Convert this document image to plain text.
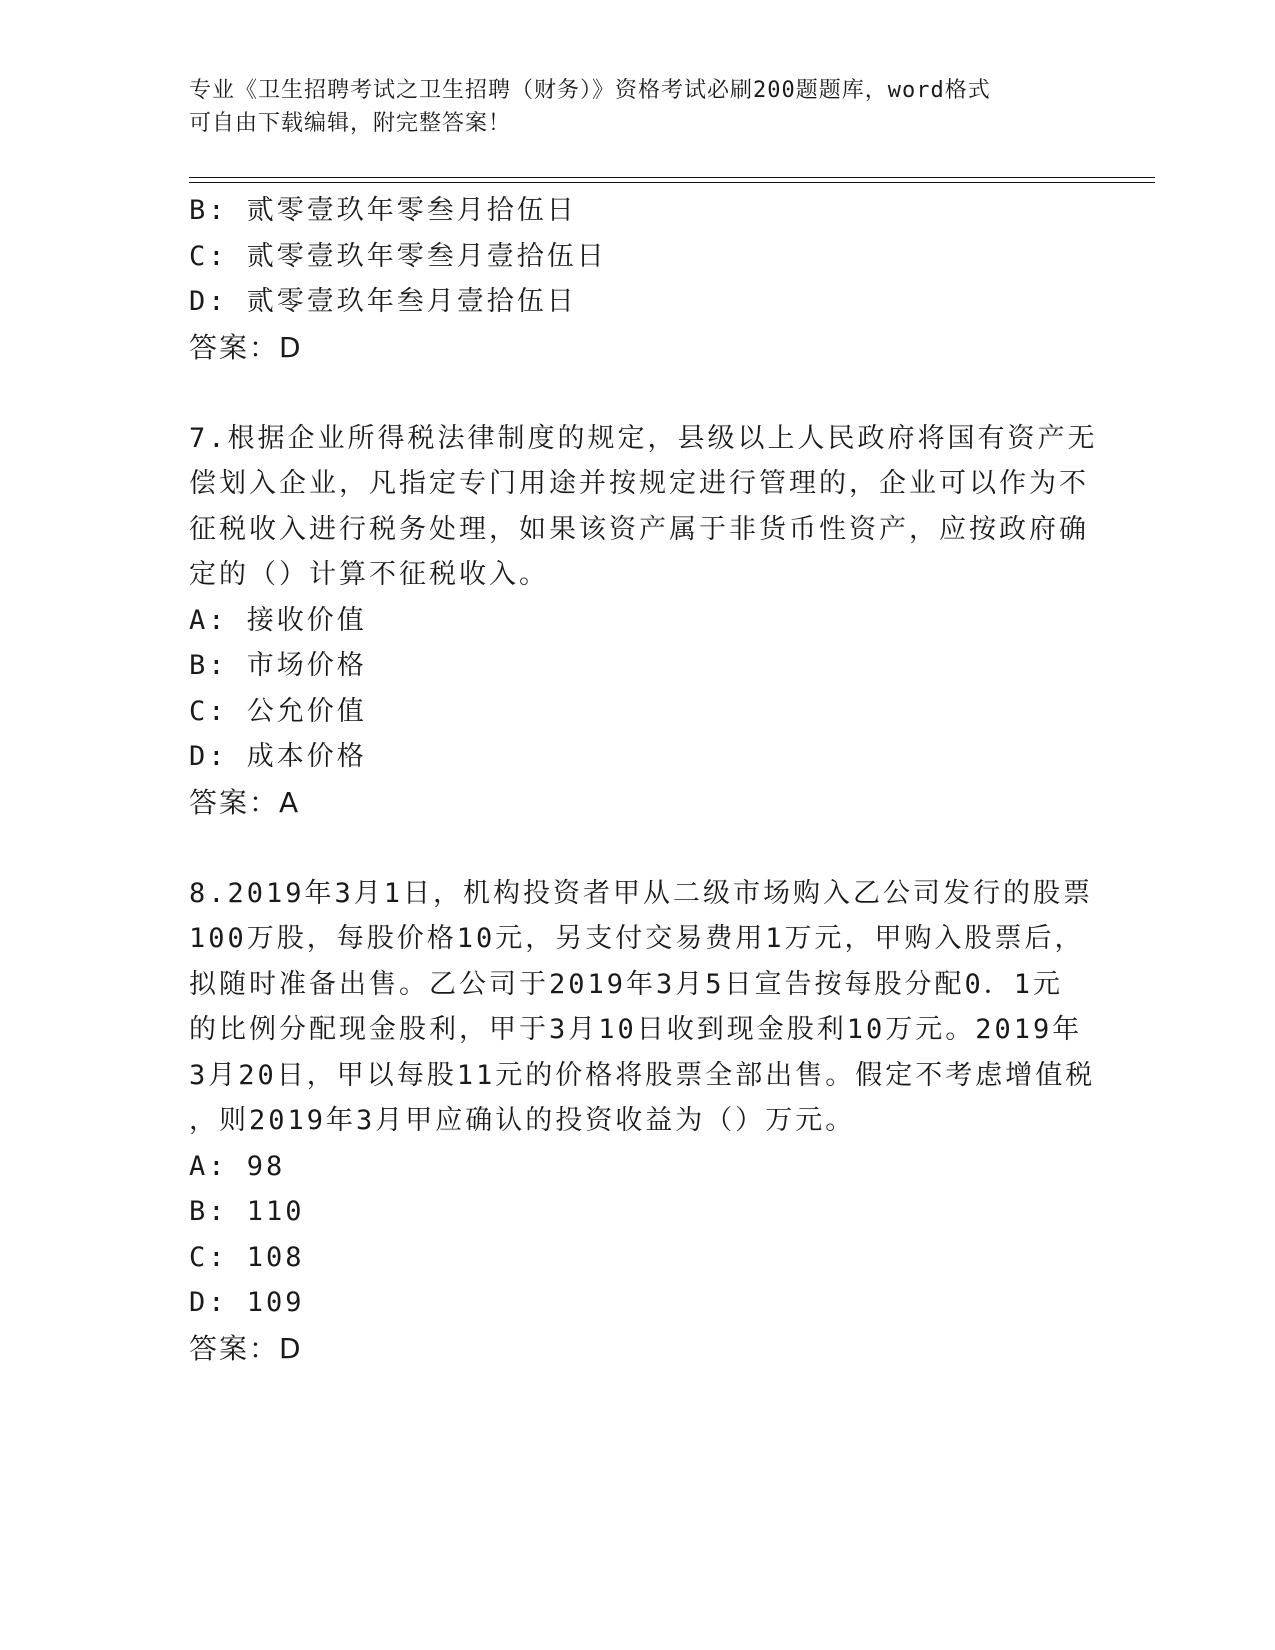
专业《卫生招聘考试之卫生招聘（财务）》资格考试必刷200题题库，word格式
可自由下载编辑，附完整答案！
B: 贰零壹玖年零叁月拾伍日
C: 贰零壹玖年零叁月壹拾伍日
D: 贰零壹玖年叁月壹拾伍日
答案：D
7.根据企业所得税法律制度的规定，县级以上人民政府将国有资产无
偿划入企业，凡指定专门用途并按规定进行管理的，企业可以作为不
征税收入进行税务处理，如果该资产属于非货币性资产，应按政府确
定的（）计算不征税收入。
A: 接收价值
B: 市场价格
C: 公允价值
D: 成本价格
答案：A
8.2019年3月1日，机构投资者甲从二级市场购入乙公司发行的股票
100万股，每股价格10元，另支付交易费用1万元，甲购入股票后，
拟随时准备出售。乙公司于2019年3月5日宣告按每股分配0．1元
的比例分配现金股利，甲于3月10日收到现金股利10万元。2019年
3月20日，甲以每股11元的价格将股票全部出售。假定不考虑增值税
，则2019年3月甲应确认的投资收益为（）万元。
A: 98
B: 110
C: 108
D: 109
答案：D
